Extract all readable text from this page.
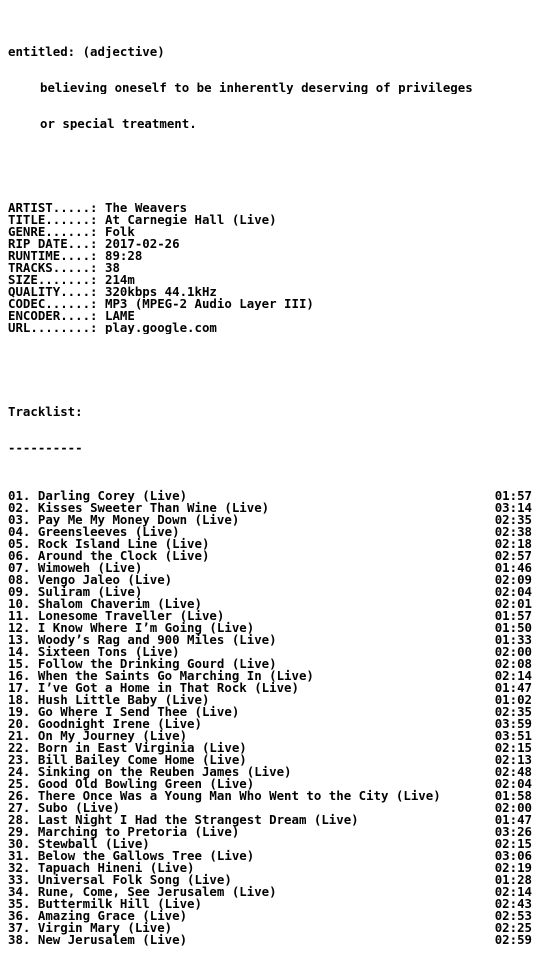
entitled: (adjective)

believing oneself to be inherently deserving of privileges

or special treatment.

ARTIST.....: The Weavers
TITLE......: At Carnegie Hall (Live)
GENRE......: Folk
RIP DATE...: 2017-02-26
RUNTIME....: 89:28
TRACKS.....: 38
SIZE.......: 214m
QUALITY....: 320kbps 44.1kHz
CODEC......: MP3 (MPEG-2 Audio Layer III)
ENCODER....: LAME
URL........: play.google.com

Tracklist:

----------

01. Darling Corey (Live)	01:57
02. Kisses Sweeter Than Wine (Live)	03:14
03. Pay Me My Money Down (Live)	02:35
04. Greensleeves (Live)	02:38
05. Rock Island Line (Live)	02:18
06. Around the Clock (Live)	02:57
07. Wimoweh (Live)	01:46
08. Vengo Jaleo (Live)	02:09
09. Suliram (Live)	02:04
10. Shalom Chaverim (Live)	02:01
11. Lonesome Traveller (Live)	01:57
12. I Know Where I’m Going (Live)	01:50
13. Woody’s Rag and 900 Miles (Live)	01:33
14. Sixteen Tons (Live)	02:00
15. Follow the Drinking Gourd (Live)	02:08
16. When the Saints Go Marching In (Live)	02:14
17. I’ve Got a Home in That Rock (Live)	01:47
18. Hush Little Baby (Live)	01:02
19. Go Where I Send Thee (Live)	02:35
20. Goodnight Irene (Live)	03:59
21. On My Journey (Live)	03:51
22. Born in East Virginia (Live)	02:15
23. Bill Bailey Come Home (Live)	02:13
24. Sinking on the Reuben James (Live)	02:48
25. Good Old Bowling Green (Live)	02:04
26. There Once Was a Young Man Who Went to the City (Live)	01:58
27. Subo (Live)	02:00
28. Last Night I Had the Strangest Dream (Live)	01:47
29. Marching to Pretoria (Live)	03:26
30. Stewball (Live)	02:15
31. Below the Gallows Tree (Live)	03:06
32. Tapuach Hineni (Live)	02:19
33. Universal Folk Song (Live)	01:28
34. Rune, Come, See Jerusalem (Live)	02:14
35. Buttermilk Hill (Live)	02:43
36. Amazing Grace (Live)	02:53
37. Virgin Mary (Live)	02:25
38. New Jerusalem (Live)	02:59
